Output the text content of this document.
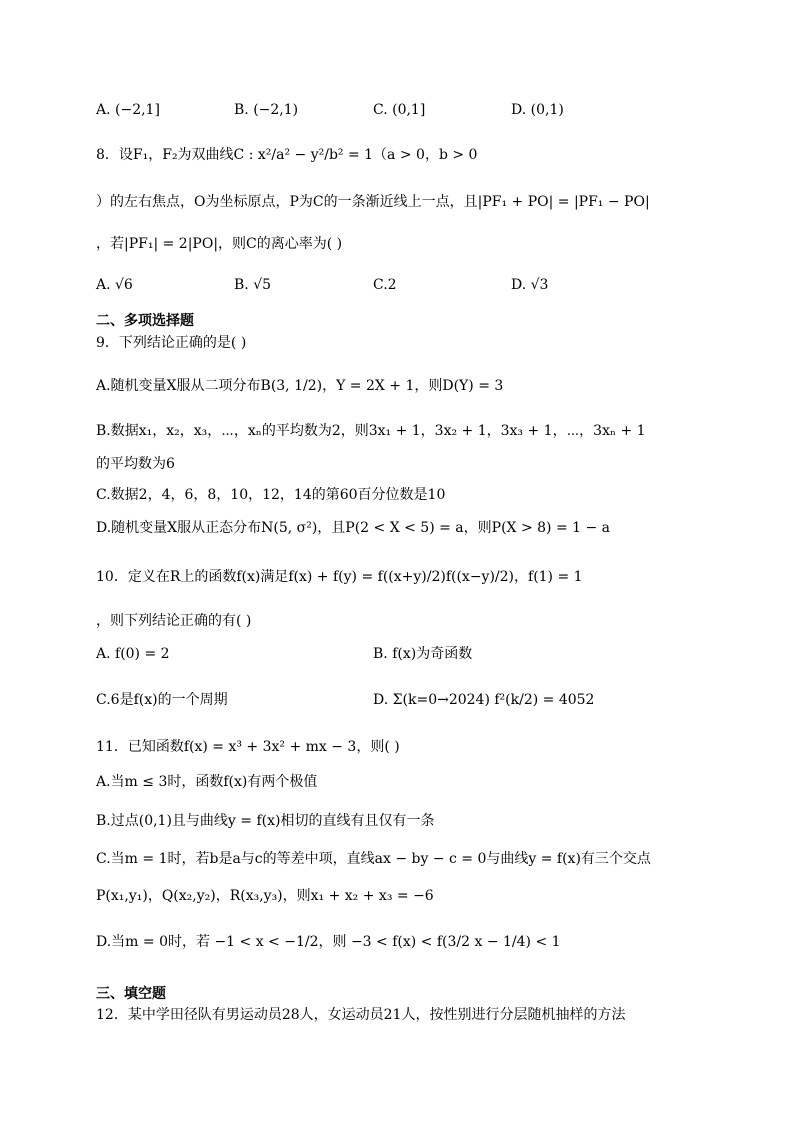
A. (−2,1]	B. (−2,1)	C. (0,1]	D. (0,1)
8．设F₁，F₂为双曲线C : x²/a² − y²/b² = 1（a > 0，b > 0
）的左右焦点，O为坐标原点，P为C的一条渐近线上一点，且|PF₁ + PO| = |PF₁ − PO|
，若|PF₁| = 2|PO|，则C的离心率为( )
A. √6	B. √5	C.2	D. √3
二、多项选择题
9．下列结论正确的是( )
A.随机变量X服从二项分布B(3, 1/2)，Y = 2X + 1，则D(Y) = 3
B.数据x₁，x₂，x₃，⋯，xₙ的平均数为2，则3x₁ + 1，3x₂ + 1，3x₃ + 1，⋯，3xₙ + 1
的平均数为6
C.数据2，4，6，8，10，12，14的第60百分位数是10
D.随机变量X服从正态分布N(5, σ²)，且P(2 < X < 5) = a，则P(X > 8) = 1 − a
10．定义在R上的函数f(x)满足f(x) + f(y) = f((x+y)/2)f((x−y)/2)，f(1) = 1
，则下列结论正确的有( )
A. f(0) = 2	B. f(x)为奇函数
C.6是f(x)的一个周期	D. Σ(k=0→2024) f²(k/2) = 4052
11．已知函数f(x) = x³ + 3x² + mx − 3，则( )
A.当m ≤ 3时，函数f(x)有两个极值
B.过点(0,1)且与曲线y = f(x)相切的直线有且仅有一条
C.当m = 1时，若b是a与c的等差中项，直线ax − by − c = 0与曲线y = f(x)有三个交点
P(x₁,y₁)，Q(x₂,y₂)，R(x₃,y₃)，则x₁ + x₂ + x₃ = −6
D.当m = 0时，若 −1 < x < −1/2，则 −3 < f(x) < f(3/2 x − 1/4) < 1
三、填空题
12．某中学田径队有男运动员28人，女运动员21人，按性别进行分层随机抽样的方法
